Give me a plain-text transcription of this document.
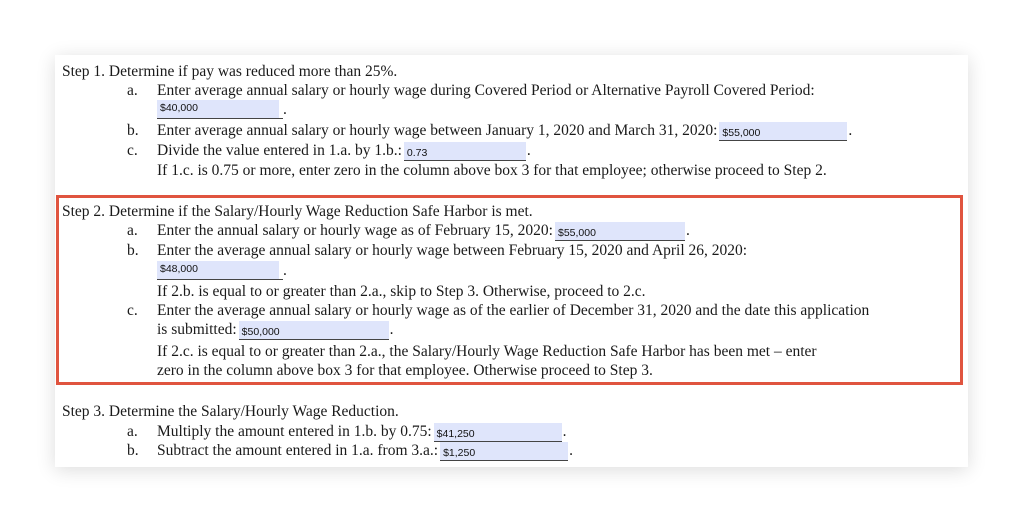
Step 1. Determine if pay was reduced more than 25%.
a. Enter average annual salary or hourly wage during Covered Period or Alternative Payroll Covered Period:
$40,000	.
b. Enter average annual salary or hourly wage between January 1, 2020 and March 31, 2020: $55,000	.
c. Divide the value entered in 1.a. by 1.b.: 0.73	.
If 1.c. is 0.75 or more, enter zero in the column above box 3 for that employee; otherwise proceed to Step 2.
Step 2. Determine if the Salary/Hourly Wage Reduction Safe Harbor is met.
a. Enter the annual salary or hourly wage as of February 15, 2020: $55,000	.
b. Enter the average annual salary or hourly wage between February 15, 2020 and April 26, 2020:
$48,000	.
If 2.b. is equal to or greater than 2.a., skip to Step 3. Otherwise, proceed to 2.c.
c. Enter the average annual salary or hourly wage as of the earlier of December 31, 2020 and the date this application
is submitted: $50,000	.
If 2.c. is equal to or greater than 2.a., the Salary/Hourly Wage Reduction Safe Harbor has been met – enter
zero in the column above box 3 for that employee. Otherwise proceed to Step 3.
Step 3. Determine the Salary/Hourly Wage Reduction.
a. Multiply the amount entered in 1.b. by 0.75: $41,250	.
b. Subtract the amount entered in 1.a. from 3.a.: $1,250	.
